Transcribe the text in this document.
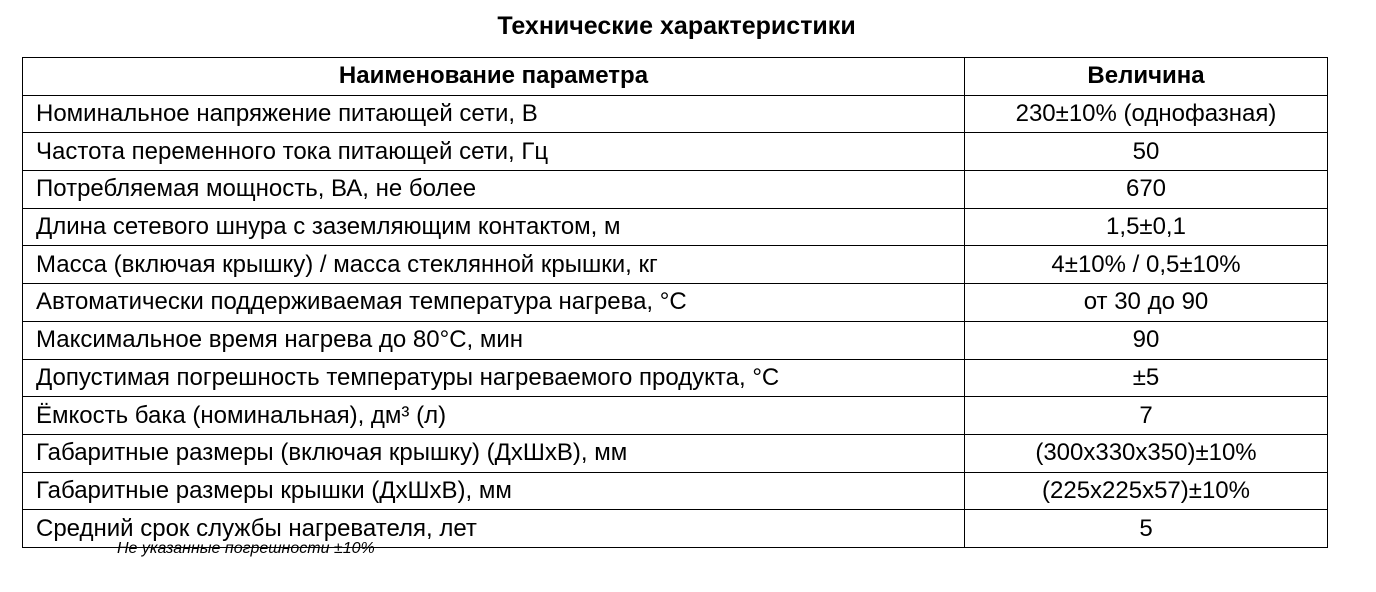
Технические характеристики
Наименование параметра	Величина
Номинальное напряжение питающей сети, В	230±10% (однофазная)
Частота переменного тока питающей сети, Гц	50
Потребляемая мощность, ВА, не более	670
Длина сетевого шнура с заземляющим контактом, м	1,5±0,1
Масса (включая крышку) / масса стеклянной крышки, кг	4±10% / 0,5±10%
Автоматически поддерживаемая температура нагрева, °С	от 30 до 90
Максимальное время нагрева до 80°С, мин	90
Допустимая погрешность температуры нагреваемого продукта, °С	±5
Ёмкость бака (номинальная), дм³ (л)	7
Габаритные размеры (включая крышку) (ДхШхВ), мм	(300x330x350)±10%
Габаритные размеры крышки (ДхШхВ), мм	(225x225x57)±10%
Средний срок службы нагревателя, лет	5
Не указанные погрешности ±10%
